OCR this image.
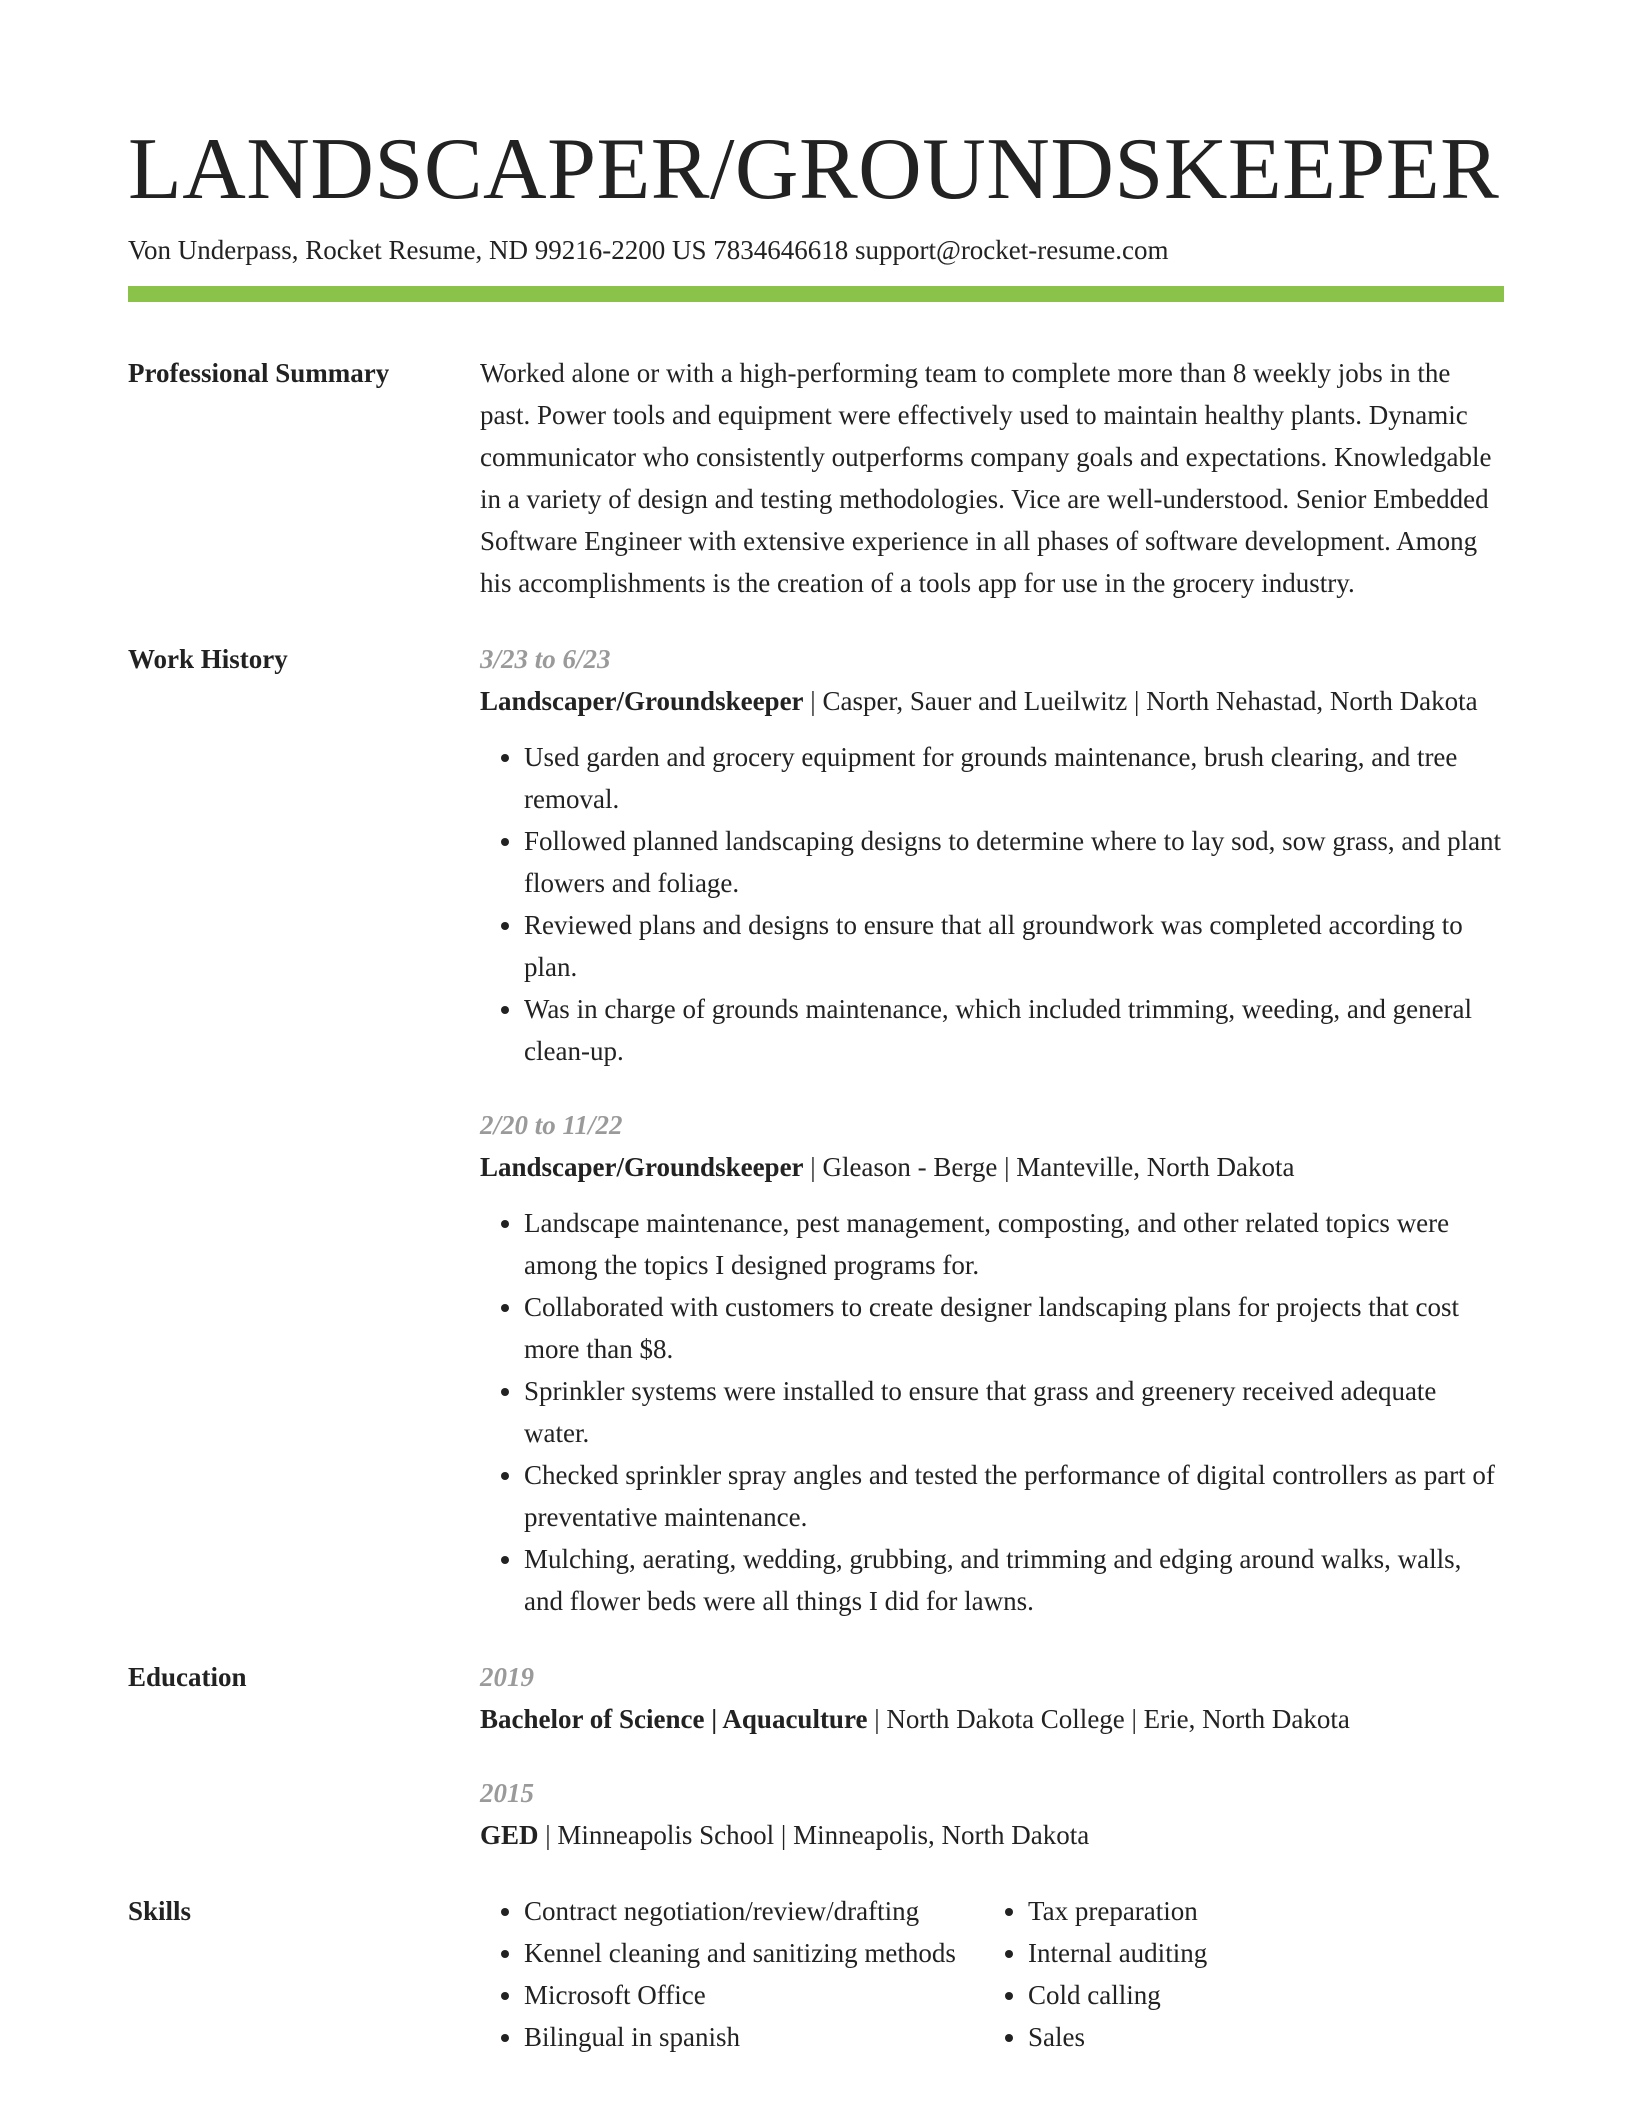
LANDSCAPER/GROUNDSKEEPER
Von Underpass, Rocket Resume, ND 99216-2200 US 7834646618 support@rocket-resume.com
Professional Summary	Worked alone or with a high-performing team to complete more than 8 weekly jobs in the past. Power tools and equipment were effectively used to maintain healthy plants. Dynamic communicator who consistently outperforms company goals and expectations. Knowledgable in a variety of design and testing methodologies. Vice are well-understood. Senior Embedded Software Engineer with extensive experience in all phases of software development. Among his accomplishments is the creation of a tools app for use in the grocery industry.
Work History	3/23 to 6/23
Landscaper/Groundskeeper | Casper, Sauer and Lueilwitz | North Nehastad, North Dakota
• Used garden and grocery equipment for grounds maintenance, brush clearing, and tree removal.
• Followed planned landscaping designs to determine where to lay sod, sow grass, and plant flowers and foliage.
• Reviewed plans and designs to ensure that all groundwork was completed according to plan.
• Was in charge of grounds maintenance, which included trimming, weeding, and general clean-up.
2/20 to 11/22
Landscaper/Groundskeeper | Gleason - Berge | Manteville, North Dakota
• Landscape maintenance, pest management, composting, and other related topics were among the topics I designed programs for.
• Collaborated with customers to create designer landscaping plans for projects that cost more than $8.
• Sprinkler systems were installed to ensure that grass and greenery received adequate water.
• Checked sprinkler spray angles and tested the performance of digital controllers as part of preventative maintenance.
• Mulching, aerating, wedding, grubbing, and trimming and edging around walks, walls, and flower beds were all things I did for lawns.
Education	2019
Bachelor of Science | Aquaculture | North Dakota College | Erie, North Dakota
2015
GED | Minneapolis School | Minneapolis, North Dakota
Skills
•	Contract negotiation/review/drafting
• Kennel cleaning and sanitizing methods
• Microsoft Office
• Bilingual in spanish
• Tax preparation
• Internal auditing
• Cold calling
• Sales
